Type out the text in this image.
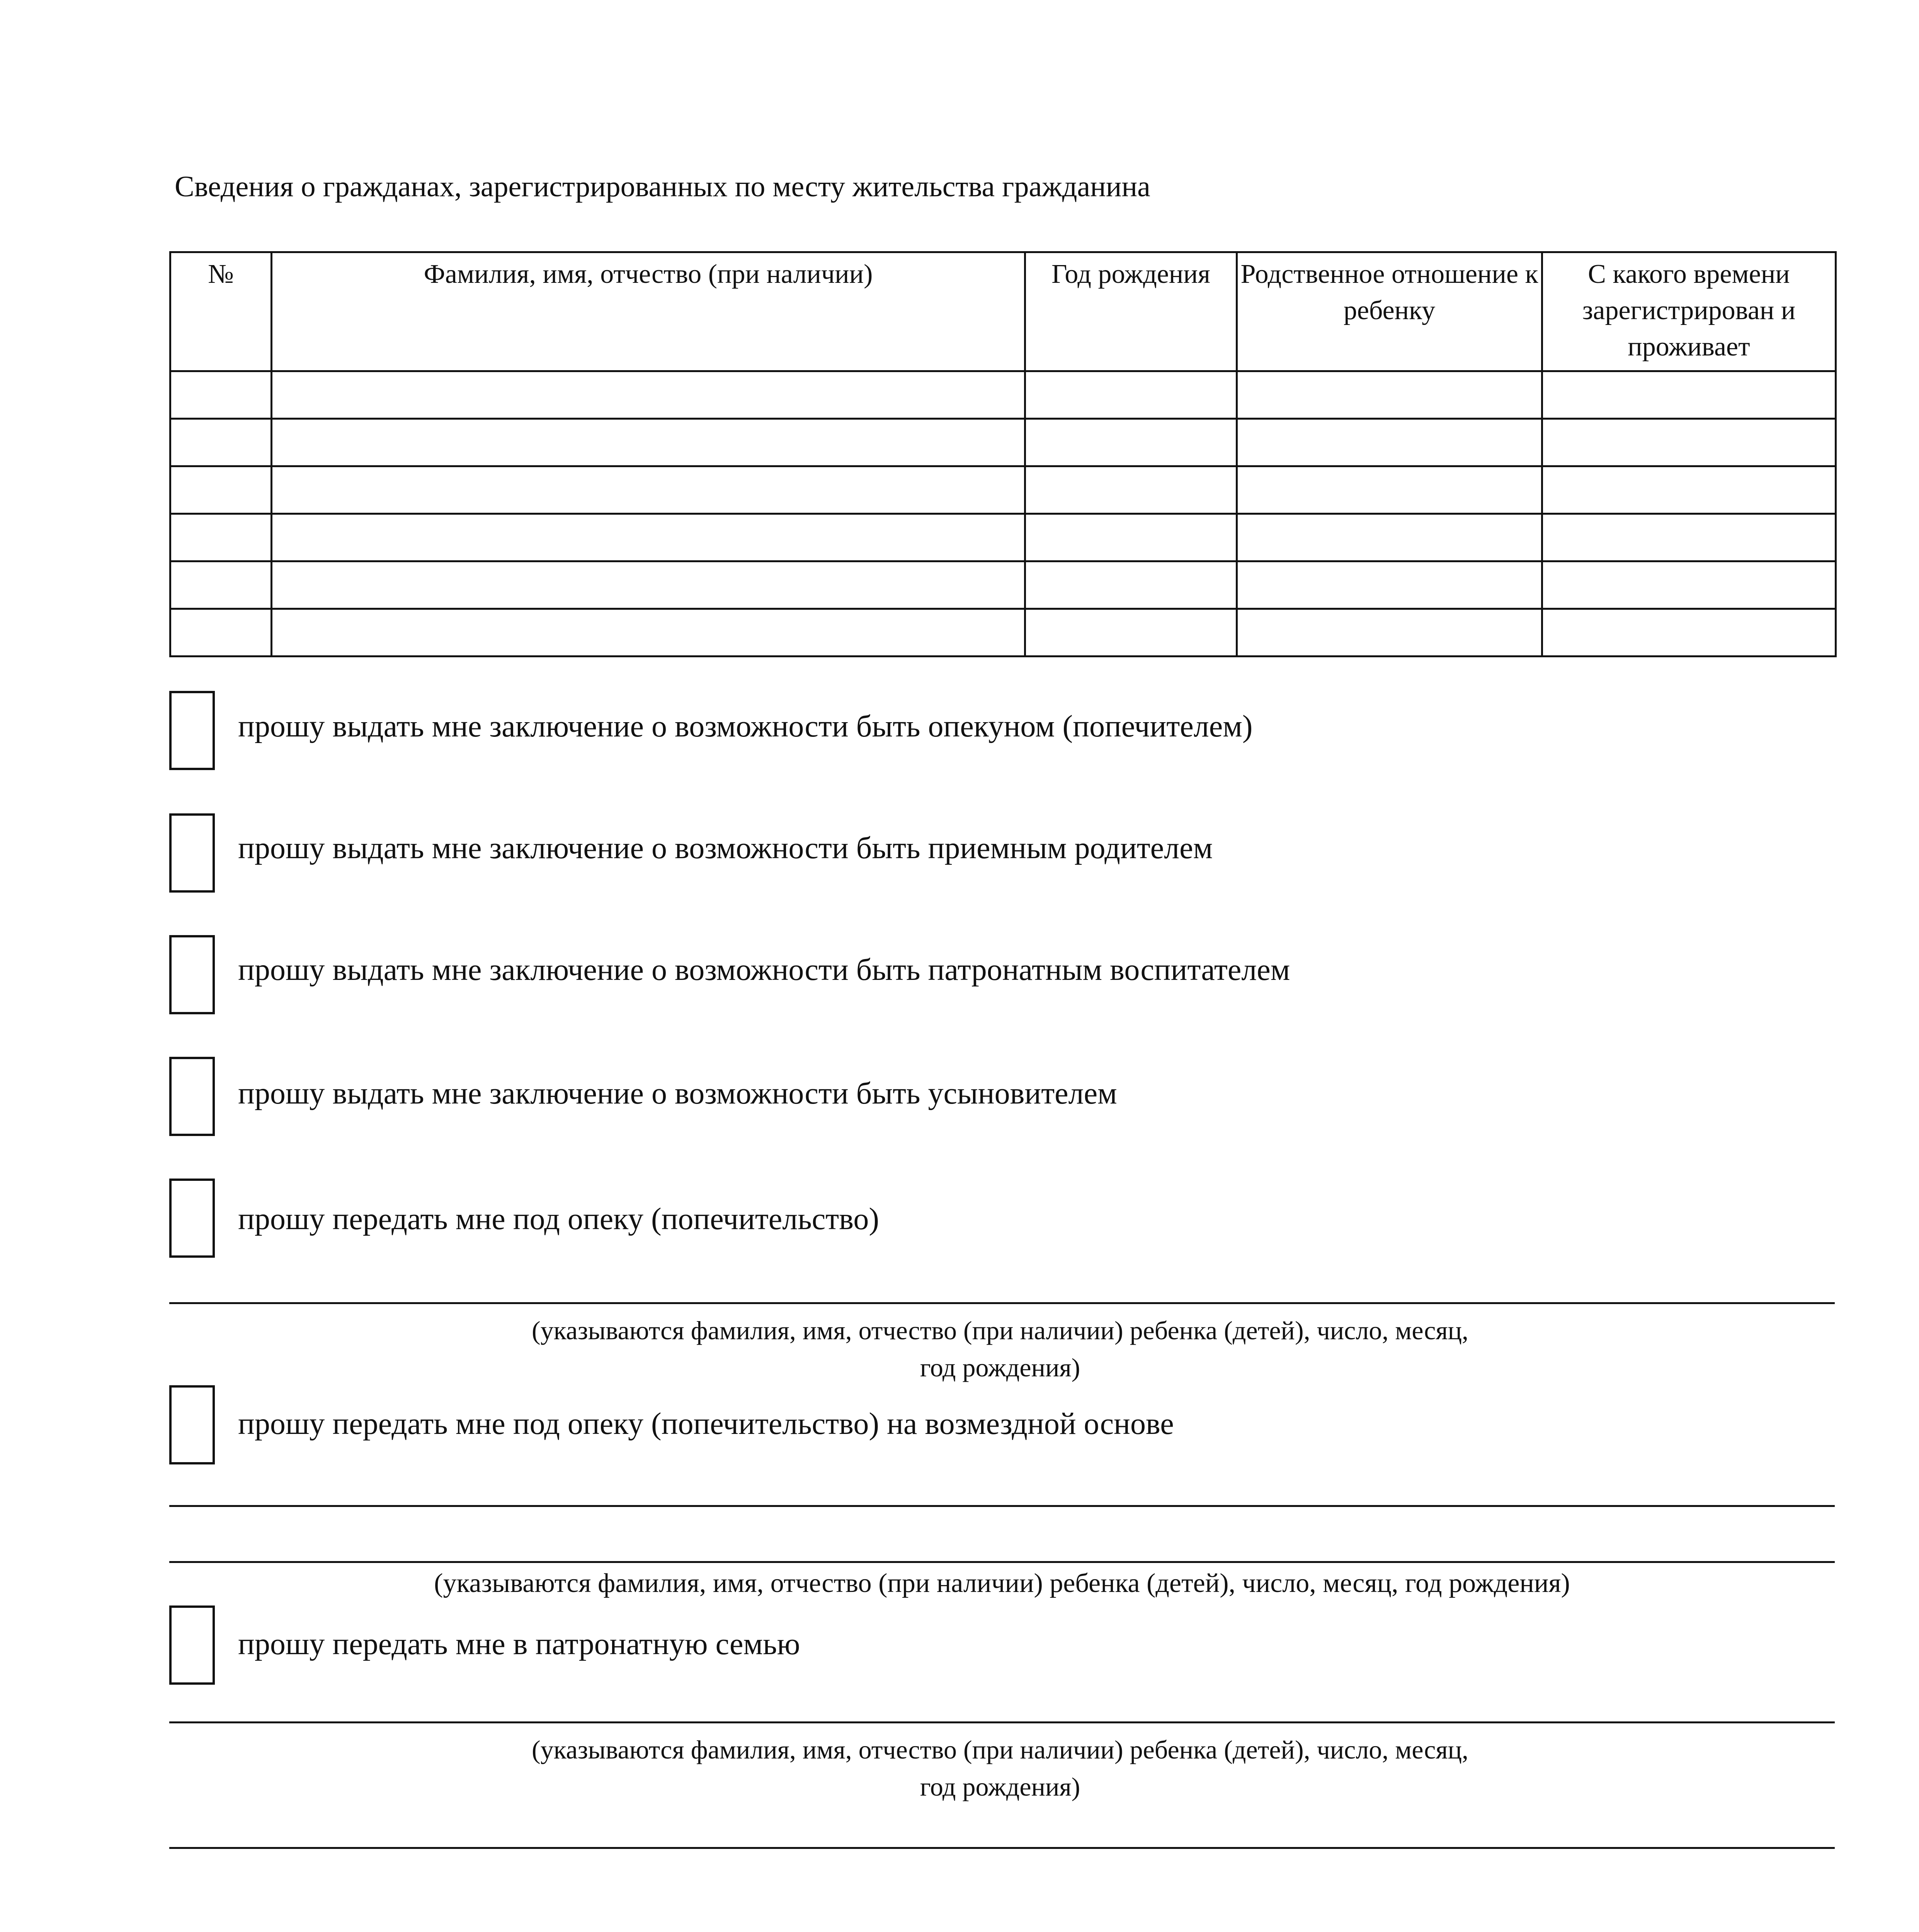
Сведения о гражданах, зарегистрированных по месту жительства гражданина
№	Фамилия, имя, отчество (при наличии)	Год рождения	Родственное отношение к ребенку	С какого времени зарегистрирован и проживает

прошу выдать мне заключение о возможности быть опекуном (попечителем)
прошу выдать мне заключение о возможности быть приемным родителем
прошу выдать мне заключение о возможности быть патронатным воспитателем
прошу выдать мне заключение о возможности быть усыновителем
прошу передать мне под опеку (попечительство)
(указываются фамилия, имя, отчество (при наличии) ребенка (детей), число, месяц, год рождения)
прошу передать мне под опеку (попечительство) на возмездной основе
(указываются фамилия, имя, отчество (при наличии) ребенка (детей), число, месяц, год рождения)
прошу передать мне в патронатную семью
(указываются фамилия, имя, отчество (при наличии) ребенка (детей), число, месяц, год рождения)
